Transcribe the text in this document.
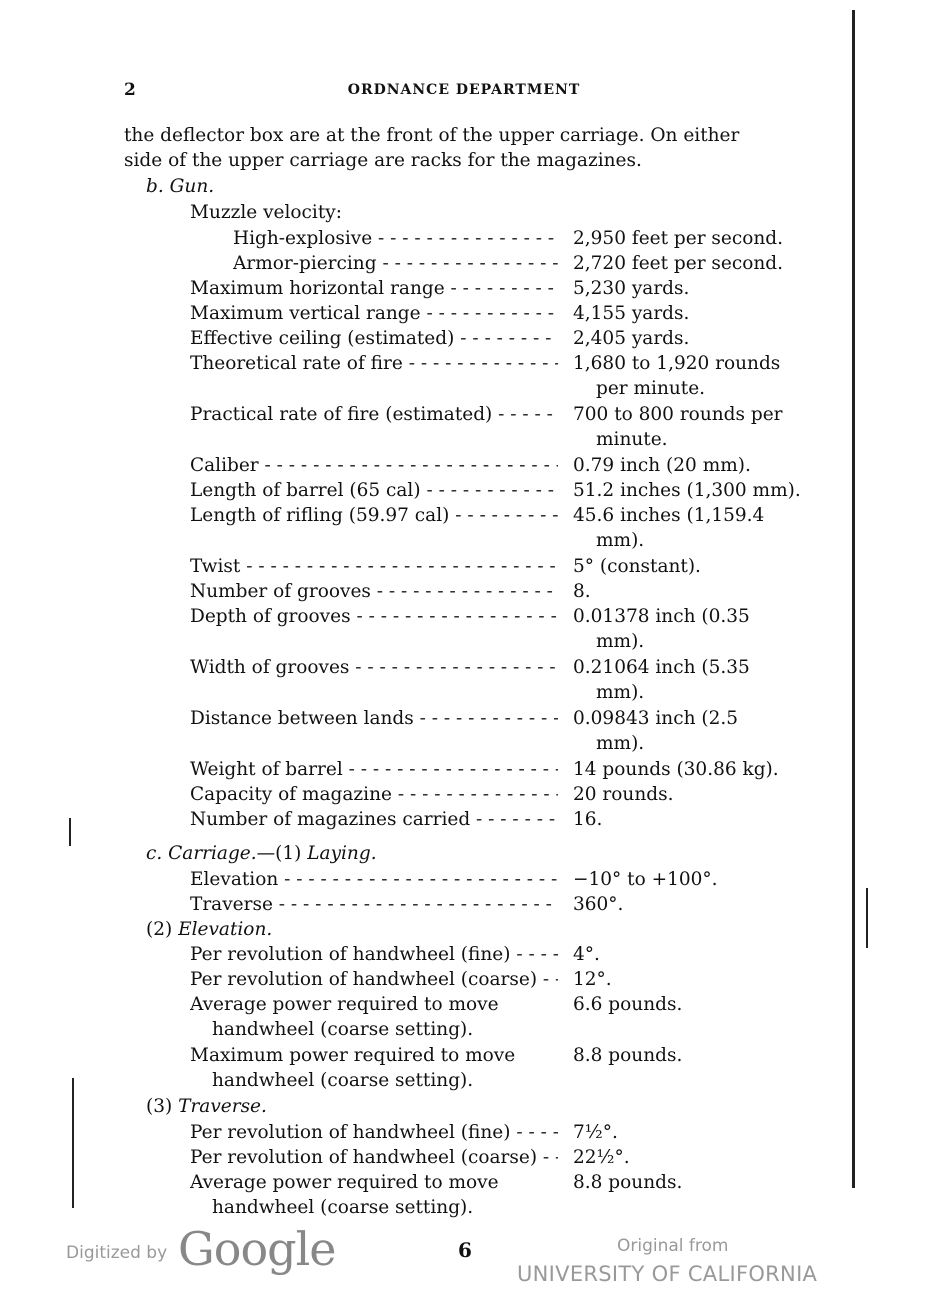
2	ORDNANCE DEPARTMENT
the deflector box are at the front of the upper carriage. On either
side of the upper carriage are racks for the magazines.
b. Gun.
Muzzle velocity:
High-explosive - - -	2,950 feet per second.
Armor-piercing - - -	2,720 feet per second.
Maximum horizontal range - - -	5,230 yards.
Maximum vertical range - - -	4,155 yards.
Effective ceiling (estimated) - - -	2,405 yards.
Theoretical rate of fire - - -	1,680 to 1,920 rounds
per minute.
Practical rate of fire (estimated) - - -	700 to 800 rounds per
minute.
Caliber - - -	0.79 inch (20 mm).
Length of barrel (65 cal) - - -	51.2 inches (1,300 mm).
Length of rifling (59.97 cal) - - -	45.6 inches (1,159.4
mm).
Twist - - -	5° (constant).
Number of grooves - - -	8.
Depth of grooves - - -	0.01378 inch (0.35
mm).
Width of grooves - - -	0.21064 inch (5.35
mm).
Distance between lands - - -	0.09843 inch (2.5
mm).
Weight of barrel - - -	14 pounds (30.86 kg).
Capacity of magazine - - -	20 rounds.
Number of magazines carried - - -	16.
c. Carriage.—(1) Laying.
Elevation - - -	−10° to +100°.
Traverse - - -	360°.
(2) Elevation.
Per revolution of handwheel (fine) - - -	4°.
Per revolution of handwheel (coarse) - - -	12°.
Average power required to move	6.6 pounds.
handwheel (coarse setting).
Maximum power required to move	8.8 pounds.
handwheel (coarse setting).
(3) Traverse.
Per revolution of handwheel (fine) - - -	7½°.
Per revolution of handwheel (coarse) - - -	22½°.
Average power required to move	8.8 pounds.
handwheel (coarse setting).
Digitized by Google	6	Original from
UNIVERSITY OF CALIFORNIA
